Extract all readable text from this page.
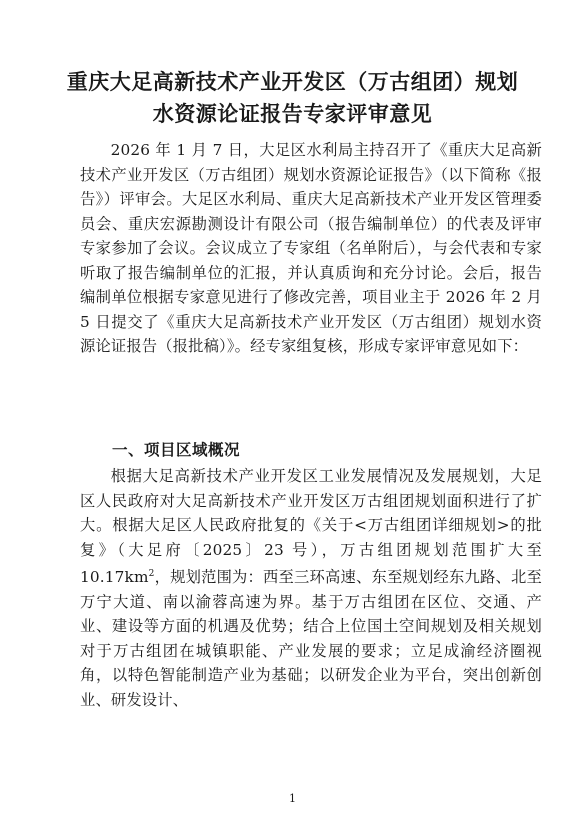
重庆大足高新技术产业开发区（万古组团）规划
水资源论证报告专家评审意见

2026 年 1 月 7 日，大足区水利局主持召开了《重庆大足高新技术产业开发区（万古组团）规划水资源论证报告》（以下简称《报告》）评审会。大足区水利局、重庆大足高新技术产业开发区管理委员会、重庆宏源勘测设计有限公司（报告编制单位）的代表及评审专家参加了会议。会议成立了专家组（名单附后），与会代表和专家听取了报告编制单位的汇报，并认真质询和充分讨论。会后，报告编制单位根据专家意见进行了修改完善，项目业主于 2026 年 2 月 5 日提交了《重庆大足高新技术产业开发区（万古组团）规划水资源论证报告（报批稿）》。经专家组复核，形成专家评审意见如下：

一、项目区域概况

根据大足高新技术产业开发区工业发展情况及发展规划，大足区人民政府对大足高新技术产业开发区万古组团规划面积进行了扩大。根据大足区人民政府批复的《关于<万古组团详细规划>的批复》（大足府〔2025〕23 号），万古组团规划范围扩大至 $10.17km^2$，规划范围为：西至三环高速、东至规划经东九路、北至万宁大道、南以渝蓉高速为界。基于万古组团在区位、交通、产业、建设等方面的机遇及优势；结合上位国土空间规划及相关规划对于万古组团在城镇职能、产业发展的要求；立足成渝经济圈视角，以特色智能制造产业为基础；以研发企业为平台，突出创新创业、研发设计、

1
